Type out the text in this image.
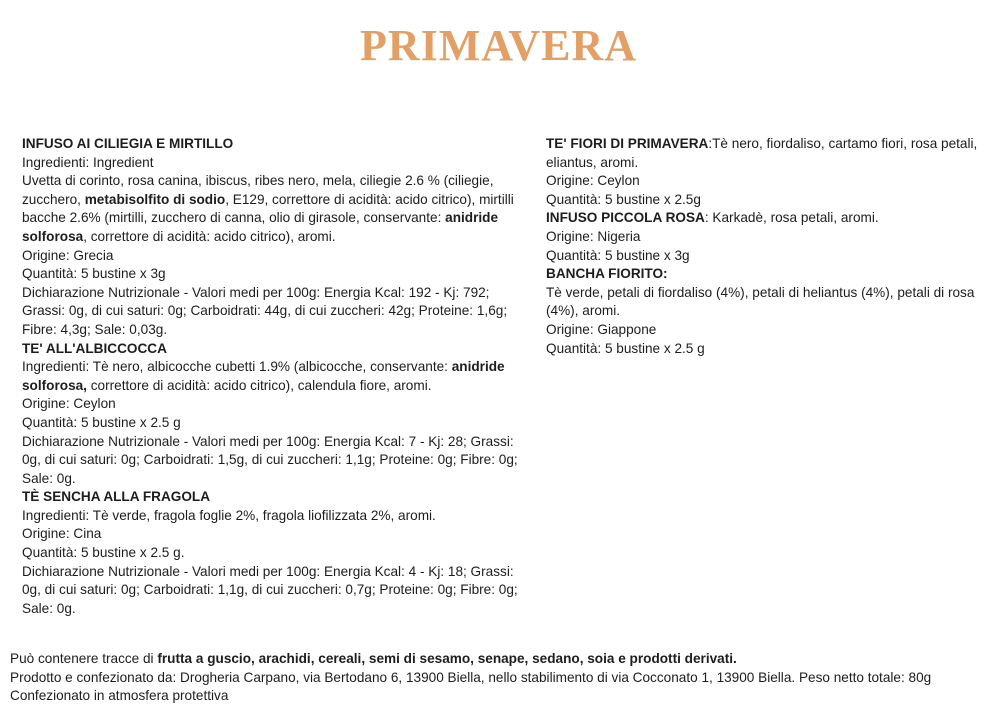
PRIMAVERA

INFUSO AI CILIEGIA E MIRTILLO

Ingredienti: Ingredient

Uvetta di corinto, rosa canina, ibiscus, ribes nero, mela, ciliegie 2.6 % (ciliegie, zucchero, metabisolfito di sodio, E129, correttore di acidità: acido citrico), mirtilli bacche 2.6% (mirtilli, zucchero di canna, olio di girasole, conservante: anidride solforosa, correttore di acidità: acido citrico), aromi.

Origine: Grecia

Quantità: 5 bustine x 3g

Dichiarazione Nutrizionale - Valori medi per 100g: Energia Kcal: 192 - Kj: 792; Grassi: 0g, di cui saturi: 0g; Carboidrati: 44g, di cui zuccheri: 42g; Proteine: 1,6g; Fibre: 4,3g; Sale: 0,03g.

TE' ALL'ALBICCOCCA

Ingredienti: Tè nero, albicocche cubetti 1.9% (albicocche, conservante: anidride solforosa, correttore di acidità: acido citrico), calendula fiore, aromi.

Origine: Ceylon

Quantità: 5 bustine x 2.5 g

Dichiarazione Nutrizionale - Valori medi per 100g: Energia Kcal: 7 - Kj: 28; Grassi: 0g, di cui saturi: 0g; Carboidrati: 1,5g, di cui zuccheri: 1,1g; Proteine: 0g; Fibre: 0g; Sale: 0g.

TÈ SENCHA ALLA FRAGOLA

Ingredienti: Tè verde, fragola foglie 2%, fragola liofilizzata 2%, aromi.

Origine: Cina

Quantità: 5 bustine x 2.5 g.

Dichiarazione Nutrizionale - Valori medi per 100g: Energia Kcal: 4 - Kj: 18; Grassi: 0g, di cui saturi: 0g; Carboidrati: 1,1g, di cui zuccheri: 0,7g; Proteine: 0g; Fibre: 0g; Sale: 0g.

TE' FIORI DI PRIMAVERA:Tè nero, fiordaliso, cartamo fiori, rosa petali, eliantus, aromi.

Origine: Ceylon

Quantità: 5 bustine x 2.5g

INFUSO PICCOLA ROSA: Karkadè, rosa petali, aromi.

Origine: Nigeria

Quantità: 5 bustine x 3g

BANCHA FIORITO:

Tè verde, petali di fiordaliso (4%), petali di heliantus (4%), petali di rosa (4%), aromi.

Origine: Giappone

Quantità: 5 bustine x 2.5 g

Può contenere tracce di frutta a guscio, arachidi, cereali, semi di sesamo, senape, sedano, soia e prodotti derivati.

Prodotto e confezionato da: Drogheria Carpano, via Bertodano 6, 13900 Biella, nello stabilimento di via Cocconato 1, 13900 Biella. Peso netto totale: 80g

Confezionato in atmosfera protettiva
